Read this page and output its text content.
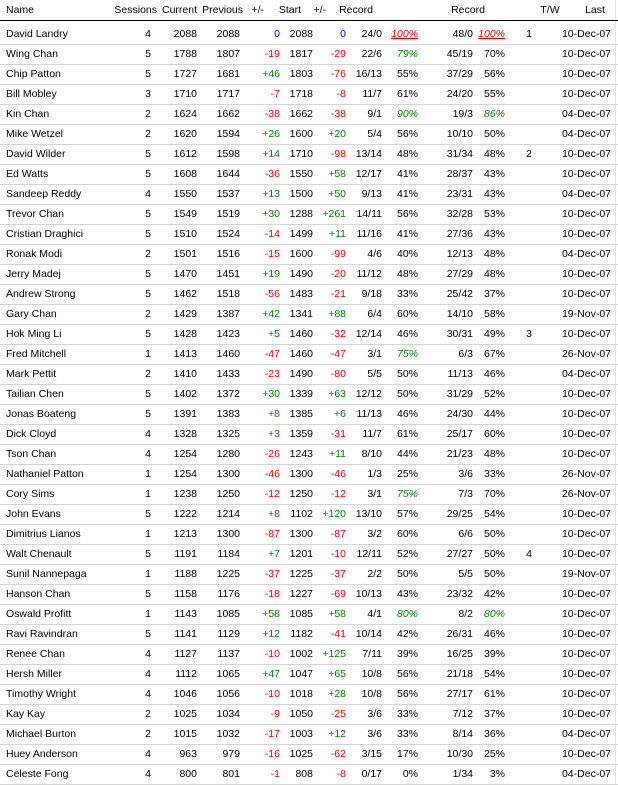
Name	Sessions Current Previous +/-	Start	+/-	Record	Record	T/W	Last
David Landry	4	2088	2088	0 2088	0	24/0 100%	48/0 100%	1	10-Dec-07
Wing Chan	5	1788	1807	-19 1817	-29	22/6	79%	45/19	70%	10-Dec-07
Chip Patton	5	1727	1681	+46 1803	-76 16/13	55%	37/29	56%	10-Dec-07
Bill Mobley	3	1710	1717	-7 1718	-8	11/7	61%	24/20	55%	10-Dec-07
Kin Chan	2	1624	1662	-38 1662	-38	9/1	90%	19/3	86%	04-Dec-07
Mike Wetzel	2	1620	1594	+26 1600	+20	5/4	56%	10/10	50%	04-Dec-07
David Wilder	5	1612	1598	+14 1710	-98 13/14	48%	31/34	48%	2	10-Dec-07
Ed Watts	5	1608	1644	-36 1550	+58 12/17	41%	28/37	43%	10-Dec-07
Sandeep Reddy	4	1550	1537	+13 1500	+50	9/13	41%	23/31	43%	04-Dec-07
Trevor Chan	5	1549	1519	+30 1288 +261	14/11	56%	32/28	53%	10-Dec-07
Cristian Draghici	5	1510	1524	-14 1499	+11	11/16	41%	27/36	43%	10-Dec-07
Ronak Modi	2	1501	1516	-15 1600	-99	4/6	40%	12/13	48%	04-Dec-07
Jerry Madej	5	1470	1451	+19 1490	-20	11/12	48%	27/29	48%	10-Dec-07
Andrew Strong	5	1462	1518	-56 1483	-21	9/18	33%	25/42	37%	10-Dec-07
Gary Chan	2	1429	1387	+42 1341	+88	6/4	60%	14/10	58%	19-Nov-07
Hok Ming Li	5	1428	1423	+5 1460	-32 12/14	46%	30/31	49%	3	10-Dec-07
Fred Mitchell	1	1413	1460	-47 1460	-47	3/1	75%	6/3	67%	26-Nov-07
Mark Pettit	2	1410	1433	-23 1490	-80	5/5	50%	11/13	46%	04-Dec-07
Tailian Chen	5	1402	1372	+30 1339	+63 12/12	50%	31/29	52%	10-Dec-07
Jonas Boateng	5	1391	1383	+8 1385	+6	11/13	46%	24/30	44%	10-Dec-07
Dick Cloyd	4	1328	1325	+3 1359	-31	11/7	61%	25/17	60%	10-Dec-07
Tson Chan	4	1254	1280	-26 1243	+11	8/10	44%	21/23	48%	10-Dec-07
Nathaniel Patton	1	1254	1300	-46 1300	-46	1/3	25%	3/6	33%	26-Nov-07
Cory Sims	1	1238	1250	-12 1250	-12	3/1	75%	7/3	70%	26-Nov-07
John Evans	5	1222	1214	+8 1102 +120 13/10	57%	29/25	54%	10-Dec-07
Dimitrius Lianos	1	1213	1300	-87 1300	-87	3/2	60%	6/6	50%	10-Dec-07
Walt Chenault	5	1191	1184	+7 1201	-10	12/11	52%	27/27	50%	4	10-Dec-07
Sunil Nannepaga	1	1188	1225	-37 1225	-37	2/2	50%	5/5	50%	19-Nov-07
Hanson Chan	5	1158	1176	-18 1227	-69 10/13	43%	23/32	42%	10-Dec-07
Oswald Profitt	1	1143	1085	+58 1085	+58	4/1	80%	8/2	80%	10-Dec-07
Ravi Ravindran	5	1141	1129	+12 1182	-41 10/14	42%	26/31	46%	10-Dec-07
Renee Chan	4	1127	1137	-10 1002 +125	7/11	39%	16/25	39%	10-Dec-07
Hersh Miller	4	1112	1065	+47 1047	+65	10/8	56%	21/18	54%	10-Dec-07
Timothy Wright	4	1046	1056	-10 1018	+28	10/8	56%	27/17	61%	10-Dec-07
Kay Kay	2	1025	1034	-9 1050	-25	3/6	33%	7/12	37%	10-Dec-07
Michael Burton	2	1015	1032	-17 1003	+12	3/6	33%	8/14	36%	04-Dec-07
Huey Anderson	4	963	979	-16 1025	-62	3/15	17%	10/30	25%	10-Dec-07
Celeste Fong	4	800	801	-1	808	-8	0/17	0%	1/34	3%	04-Dec-07
